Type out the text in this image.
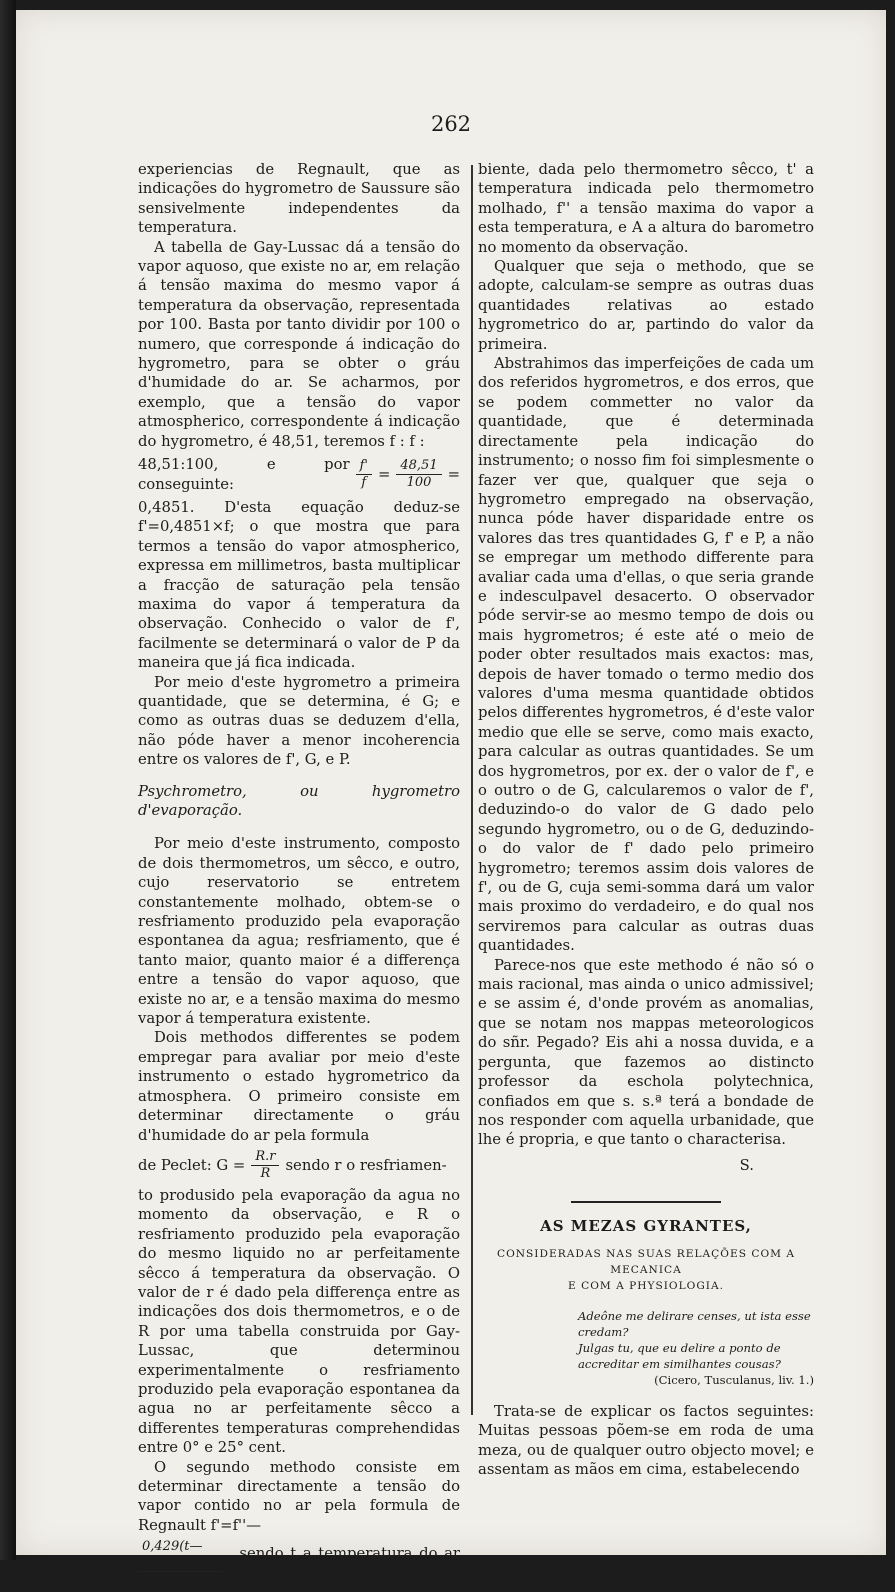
262

experiencias de Regnault, que as indicações do hygrometro de Saussure são sensivelmente independentes da temperatura.

A tabella de Gay-Lussac dá a tensão do vapor aquoso, que existe no ar, em relação á tensão maxima do mesmo vapor á temperatura da observação, representada por 100. Basta por tanto dividir por 100 o numero, que corresponde á indicação do hygrometro, para se obter o gráu d'humidade do ar. Se acharmos, por exemplo, que a tensão do vapor atmospherico, correspondente á indicação do hygrometro, é 48,51, teremos f : f :

48,51:100, e por conseguinte:	$\frac{f'}{f} = \frac{48,51}{100}$ =

0,4851. D'esta equação deduz-se f'=0,4851×f; o que mostra que para termos a tensão do vapor atmospherico, expressa em millimetros, basta multiplicar a fracção de saturação pela tensão maxima do vapor á temperatura da observação. Conhecido o valor de f', facilmente se determinará o valor de P da maneira que já fica indicada.

Por meio d'este hygrometro a primeira quantidade, que se determina, é G; e como as outras duas se deduzem d'ella, não póde haver a menor incoherencia entre os valores de f', G, e P.

Psychrometro, ou hygrometro d'evaporação.

Por meio d'este instrumento, composto de dois thermometros, um sêcco, e outro, cujo reservatorio se entretem constantemente molhado, obtem-se o resfriamento produzido pela evaporação espontanea da agua; resfriamento, que é tanto maior, quanto maior é a differença entre a tensão do vapor aquoso, que existe no ar, e a tensão maxima do mesmo vapor á temperatura existente.

Dois methodos differentes se podem empregar para avaliar por meio d'este instrumento o estado hygrometrico da atmosphera. O primeiro consiste em determinar directamente o gráu d'humidade do ar pela formula

de Peclet: $G = \frac{R.r}{R}$ sendo r o resfriamen-

to produsido pela evaporação da agua no momento da observação, e R o resfriamento produzido pela evaporação do mesmo liquido no ar perfeitamente sêcco á temperatura da observação. O valor de r é dado pela differença entre as indicações dos dois thermometros, e o de R por uma tabella construida por Gay-Lussac, que determinou experimentalmente o resfriamento produzido pela evaporação espontanea da agua no ar perfeitamente sêcco a differentes temperaturas comprehendidas entre 0° e 25° cent.

O segundo methodo consiste em determinar directamente a tensão do vapor contido no ar pela formula de Regnault f'=f''—

$\frac{0,429(t—t')A}{610—t'}$ , sendo t a temperatura do ar am-

biente, dada pelo thermometro sêcco, t' a temperatura indicada pelo thermometro molhado, f'' a tensão maxima do vapor a esta temperatura, e A a altura do barometro no momento da observação.

Qualquer que seja o methodo, que se adopte, calculam-se sempre as outras duas quantidades relativas ao estado hygrometrico do ar, partindo do valor da primeira.

Abstrahimos das imperfeições de cada um dos referidos hygrometros, e dos erros, que se podem commetter no valor da quantidade, que é determinada directamente pela indicação do instrumento; o nosso fim foi simplesmente o fazer ver que, qualquer que seja o hygrometro empregado na observação, nunca póde haver disparidade entre os valores das tres quantidades G, f' e P, a não se empregar um methodo differente para avaliar cada uma d'ellas, o que seria grande e indesculpavel desacerto. O observador póde servir-se ao mesmo tempo de dois ou mais hygrometros; é este até o meio de poder obter resultados mais exactos: mas, depois de haver tomado o termo medio dos valores d'uma mesma quantidade obtidos pelos differentes hygrometros, é d'este valor medio que elle se serve, como mais exacto, para calcular as outras quantidades. Se um dos hygrometros, por ex. der o valor de f', e o outro o de G, calcularemos o valor de f', deduzindo-o do valor de G dado pelo segundo hygrometro, ou o de G, deduzindo-o do valor de f' dado pelo primeiro hygrometro; teremos assim dois valores de f', ou de G, cuja semi-somma dará um valor mais proximo do verdadeiro, e do qual nos serviremos para calcular as outras duas quantidades.

Parece-nos que este methodo é não só o mais racional, mas ainda o unico admissivel; e se assim é, d'onde provém as anomalias, que se notam nos mappas meteorologicos do sñr. Pegado? Eis ahi a nossa duvida, e a pergunta, que fazemos ao distincto professor da eschola polytechnica, confiados em que s. s.ª terá a bondade de nos responder com aquella urbanidade, que lhe é propria, e que tanto o characterisa.

S.
AS MEZAS GYRANTES,
CONSIDERADAS NAS SUAS RELAÇÕES COM A MECANICA
E COM A PHYSIOLOGIA.
Adeône me delirare censes, ut ista esse credam?
Julgas tu, que eu delire a ponto de accreditar em similhantes cousas?
(Cicero, Tusculanus, liv. 1.)

Trata-se de explicar os factos seguintes: Muitas pessoas põem-se em roda de uma meza, ou de qualquer outro objecto movel; e assentam as mãos em cima, estabelecendo
